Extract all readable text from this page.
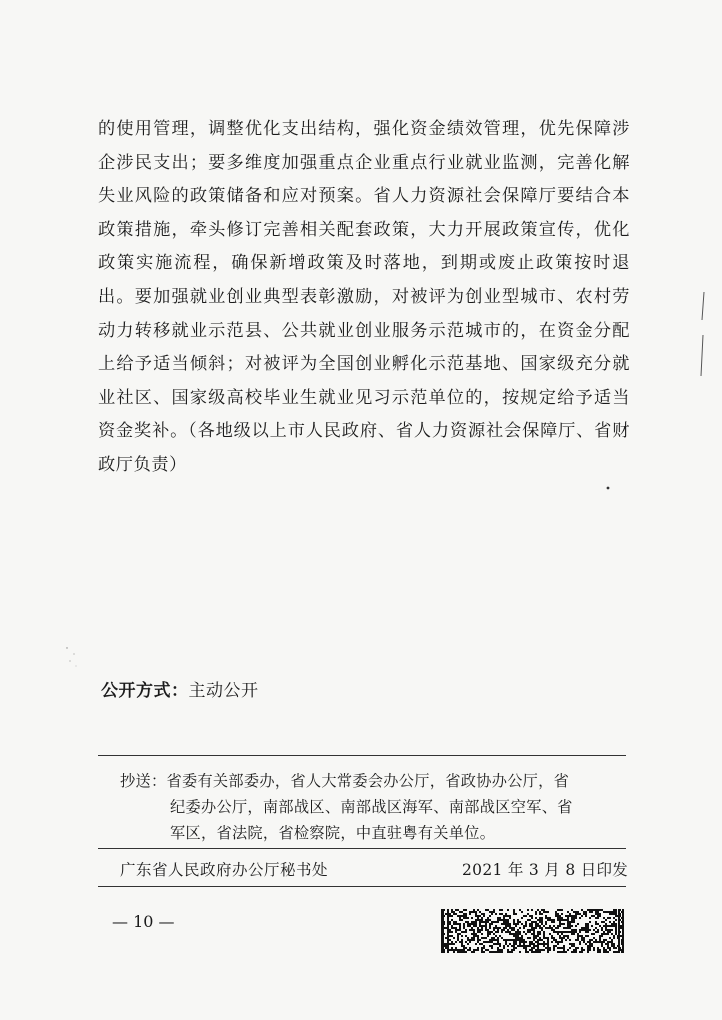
的使用管理，调整优化支出结构，强化资金绩效管理，优先保障涉企涉民支出；要多维度加强重点企业重点行业就业监测，完善化解失业风险的政策储备和应对预案。省人力资源社会保障厅要结合本政策措施，牵头修订完善相关配套政策，大力开展政策宣传，优化政策实施流程，确保新增政策及时落地，到期或废止政策按时退出。要加强就业创业典型表彰激励，对被评为创业型城市、农村劳动力转移就业示范县、公共就业创业服务示范城市的，在资金分配上给予适当倾斜；对被评为全国创业孵化示范基地、国家级充分就业社区、国家级高校毕业生就业见习示范单位的，按规定给予适当资金奖补。（各地级以上市人民政府、省人力资源社会保障厅、省财政厅负责）

公开方式：主动公开
抄送：省委有关部委办，省人大常委会办公厅，省政协办公厅，省
纪委办公厅，南部战区、南部战区海军、南部战区空军、省
军区，省法院，省检察院，中直驻粤有关单位。
广东省人民政府办公厅秘书处	2021 年 3 月 8 日印发
— 10 —
